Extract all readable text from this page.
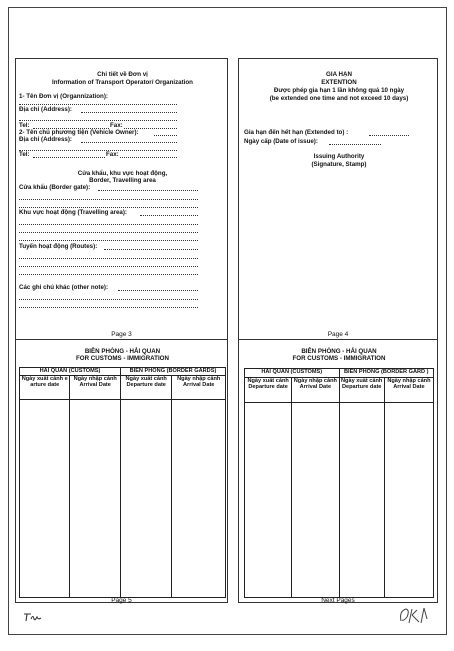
Chi tiết về Đơn vị
Information of Transport Operator/ Organization
1- Tên Đơn vị (Organnization):
Địa chỉ (Address):
Tel:	Fax:
2- Tên chủ phương tiện (Vehicle Owner):
Địa chỉ (Address):
Tel:	Fax:
Cửa khẩu, khu vực hoạt động,
Border, Travelling area
Cửa khẩu (Border gate):
Khu vực hoạt động (Travelling area):
Tuyến hoạt động (Routes):
Các ghi chú khác (other note):
Page 3
GIA HẠN
EXTENTION
Được phép gia hạn 1 lần không quá 10 ngày
(be extended one time and not exceed 10 days)
Gia hạn đến hết hạn (Extended to) :
Ngày cấp (Date of issue):
Issuing Authority
(Signature, Stamp)
Page 4
BIÊN PHÒNG - HẢI QUAN
FOR CUSTOMS - IMMIGRATION
HẢI QUAN (CUSTOMS)		BIÊN PHÒNG (BORDER GARDS)	
Ngày xuất cảnh e arture date	Ngày nhập cảnh Arrival Date	Ngày xuất cảnh Departure date	Ngày nhập cảnh Arrival Date

Page 5
BIÊN PHÒNG - HẢI QUAN
FOR CUSTOMS - IMMIGRATION
HẢI QUAN (CUSTOMS)		BIÊN PHÒNG (BORDER GARD )	
Ngày xuất cảnh Departure date	Ngày nhập cảnh Arrival Date	Ngày xuất cảnh Departure date	Ngày nhập cảnh Arrival Date

Next Pages
